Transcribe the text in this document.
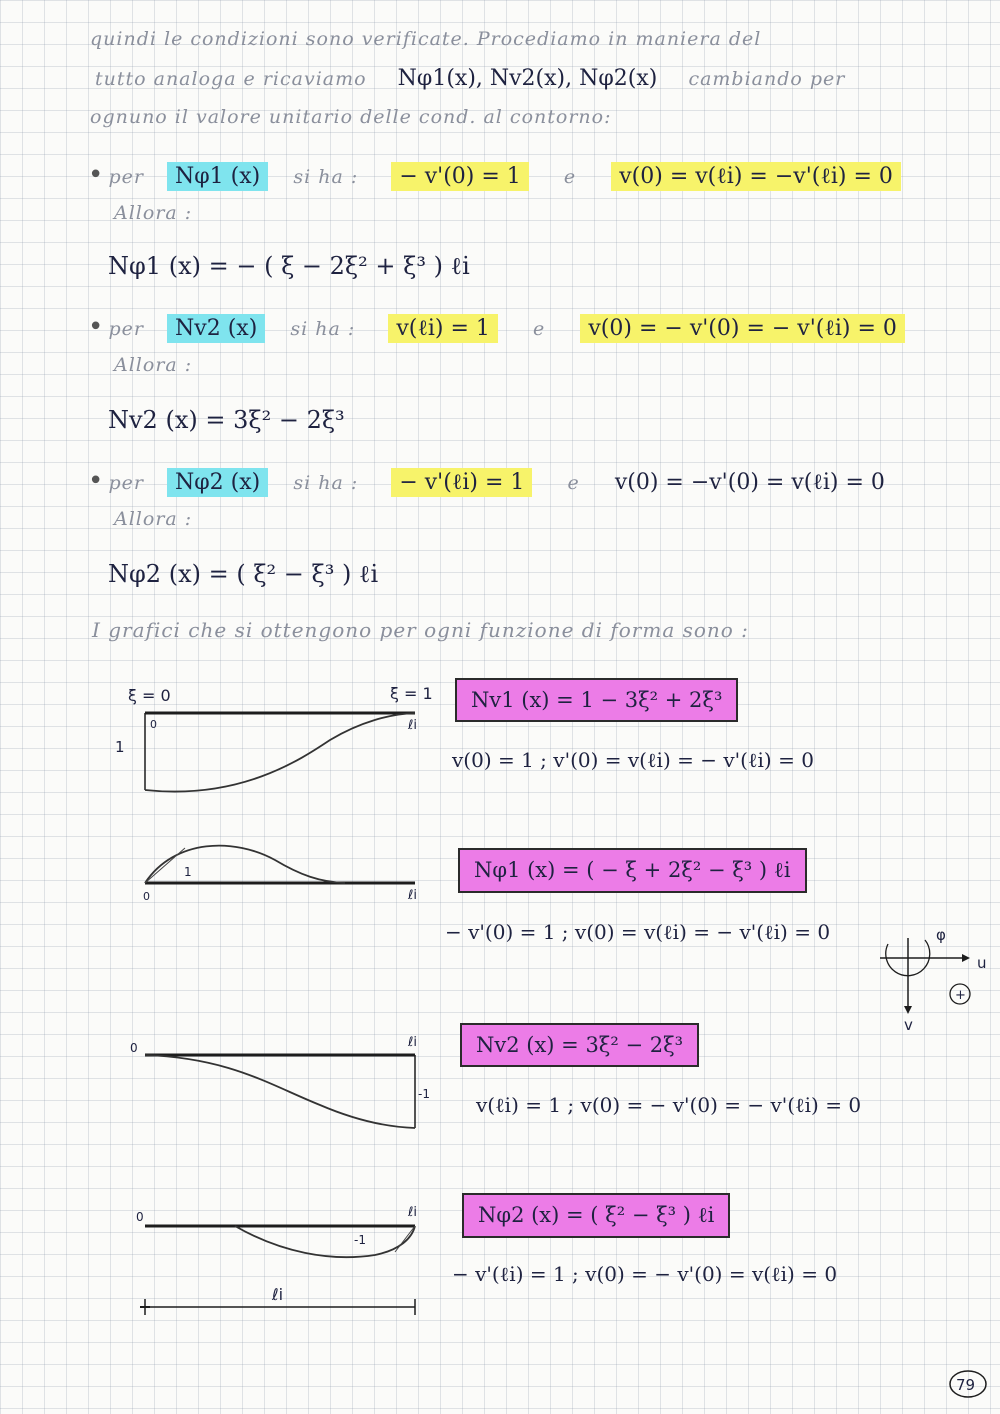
quindi le condizioni sono verificate. Procediamo in maniera del
tutto analoga e ricaviamo Nφ1(x), Nv2(x), Nφ2(x) cambiando per
ognuno il valore unitario delle cond. al contorno:
• per Nφ1 (x) si ha : − v'(0) = 1 e v(0) = v(ℓi) = −v'(ℓi) = 0
Allora :
Nφ1 (x) = − ( ξ − 2ξ² + ξ³ ) ℓi
• per Nv2 (x) si ha : v(ℓi) = 1 e v(0) = − v'(0) = − v'(ℓi) = 0
Allora :
Nv2 (x) = 3ξ² − 2ξ³
• per Nφ2 (x) si ha : − v'(ℓi) = 1 e v(0) = −v'(0) = v(ℓi) = 0
Allora :
Nφ2 (x) = ( ξ² − ξ³ ) ℓi
I grafici che si ottengono per ogni funzione di forma sono :
ξ = 0	ξ = 1
0	ℓi
1
0	ℓi
1
0	ℓi
-1
0	ℓi
-1
ℓi
φ
u
v
+
79
Nv1 (x) = 1 − 3ξ² + 2ξ³
v(0) = 1 ; v'(0) = v(ℓi) = − v'(ℓi) = 0
Nφ1 (x) = ( − ξ + 2ξ² − ξ³ ) ℓi
− v'(0) = 1 ; v(0) = v(ℓi) = − v'(ℓi) = 0
Nv2 (x) = 3ξ² − 2ξ³
v(ℓi) = 1 ; v(0) = − v'(0) = − v'(ℓi) = 0
Nφ2 (x) = ( ξ² − ξ³ ) ℓi
− v'(ℓi) = 1 ; v(0) = − v'(0) = v(ℓi) = 0
